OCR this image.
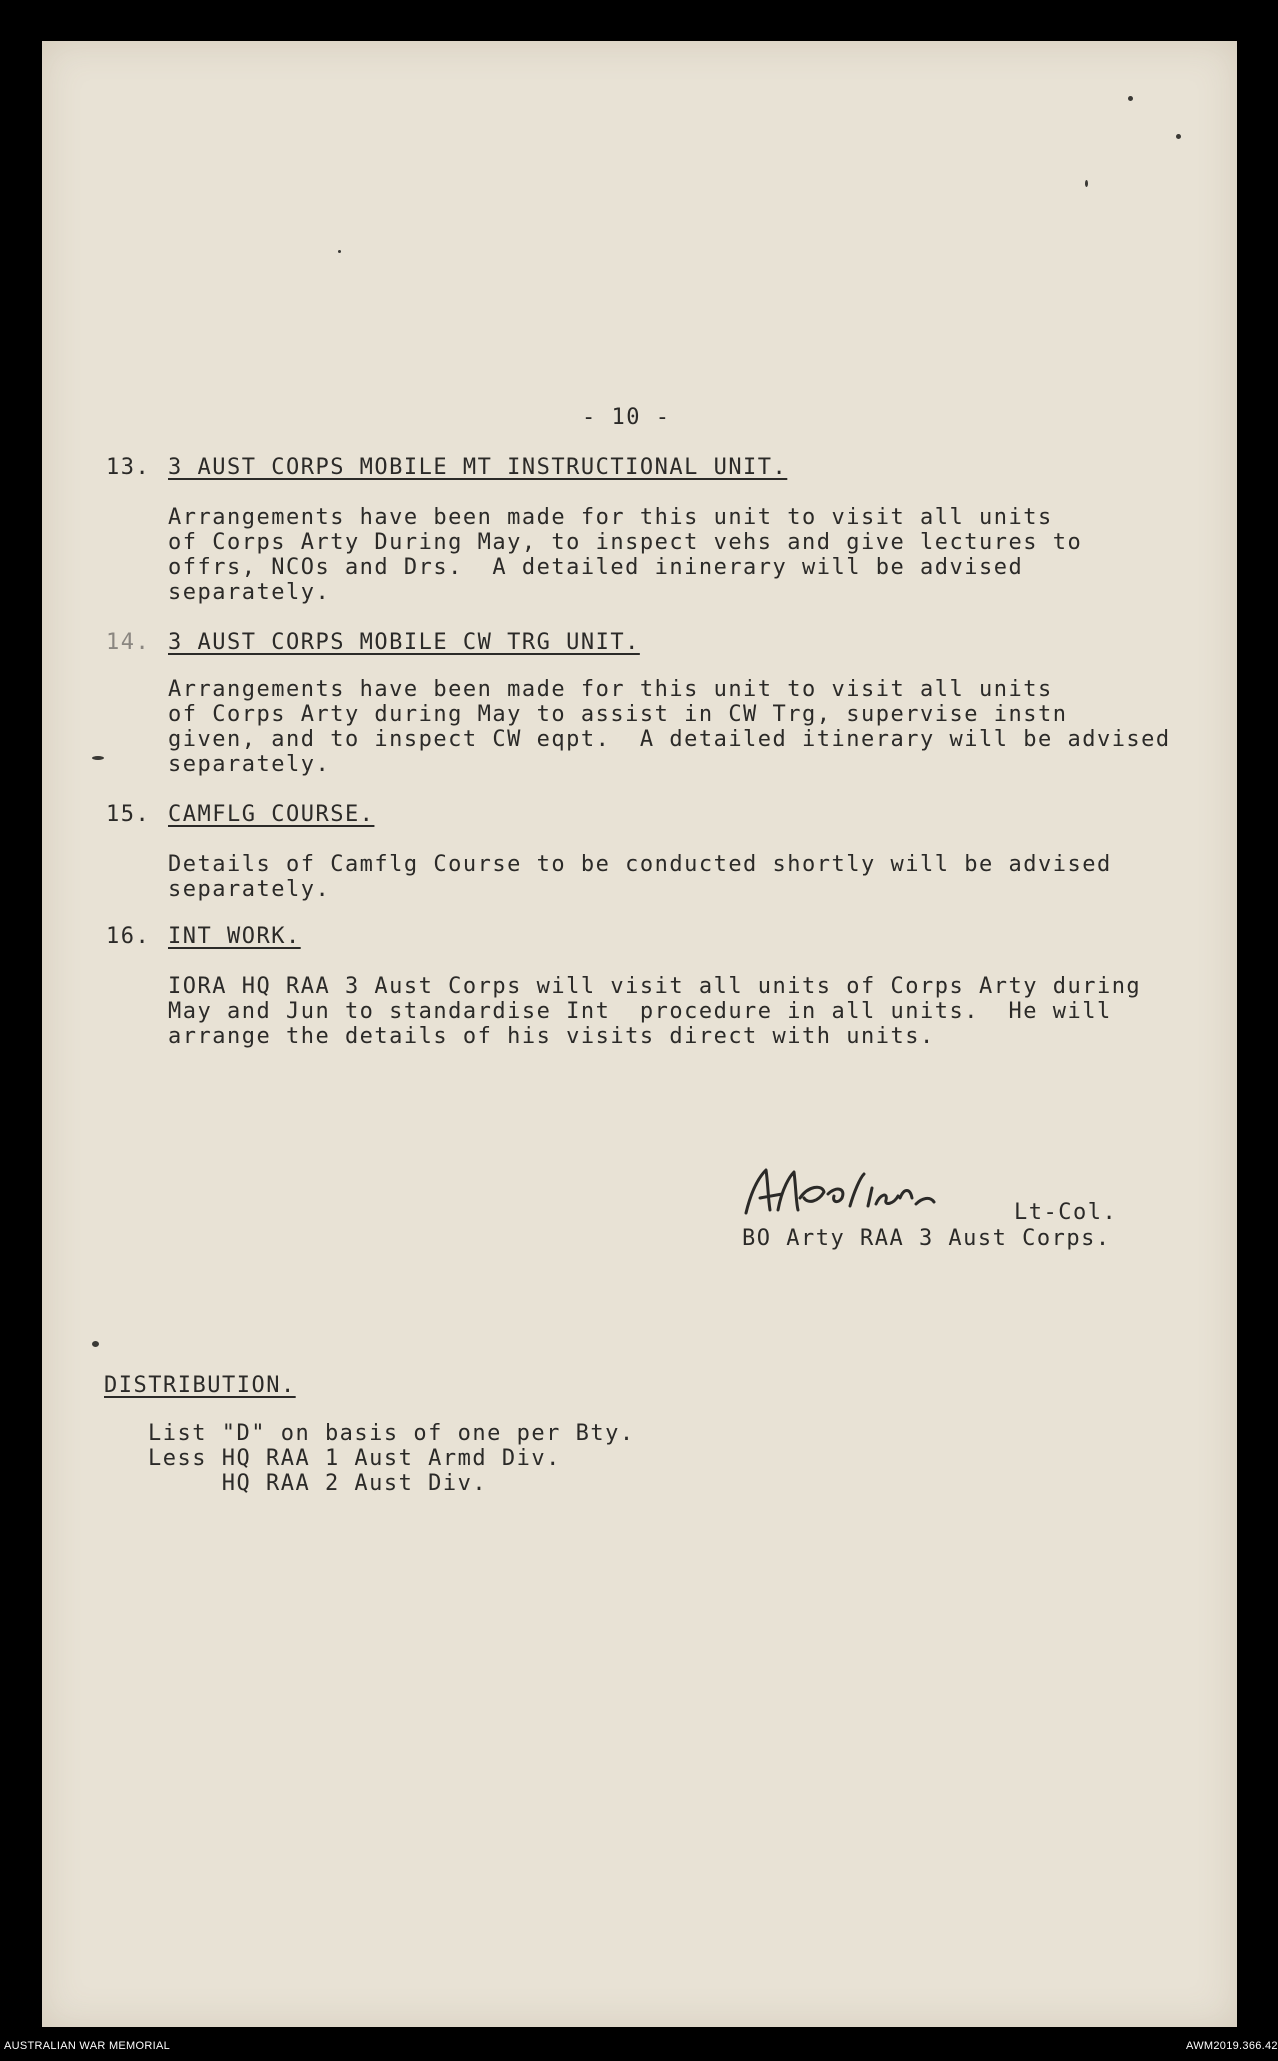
- 10 -
13. 3 AUST CORPS MOBILE MT INSTRUCTIONAL UNIT.
Arrangements have been made for this unit to visit all units
of Corps Arty During May, to inspect vehs and give lectures to
offrs, NCOs and Drs.  A detailed ininerary will be advised
separately.
14. 3 AUST CORPS MOBILE CW TRG UNIT.
Arrangements have been made for this unit to visit all units
of Corps Arty during May to assist in CW Trg, supervise instn
given, and to inspect CW eqpt.  A detailed itinerary will be advised
separately.
15. CAMFLG COURSE.
Details of Camflg Course to be conducted shortly will be advised
separately.
16. INT WORK.
IORA HQ RAA 3 Aust Corps will visit all units of Corps Arty during
May and Jun to standardise Int  procedure in all units.  He will
arrange the details of his visits direct with units.
Lt-Col.
BO Arty RAA 3 Aust Corps.
DISTRIBUTION.
List "D" on basis of one per Bty.
Less HQ RAA 1 Aust Armd Div.
HQ RAA 2 Aust Div.
AUSTRALIAN WAR MEMORIAL	AWM2019.366.42
